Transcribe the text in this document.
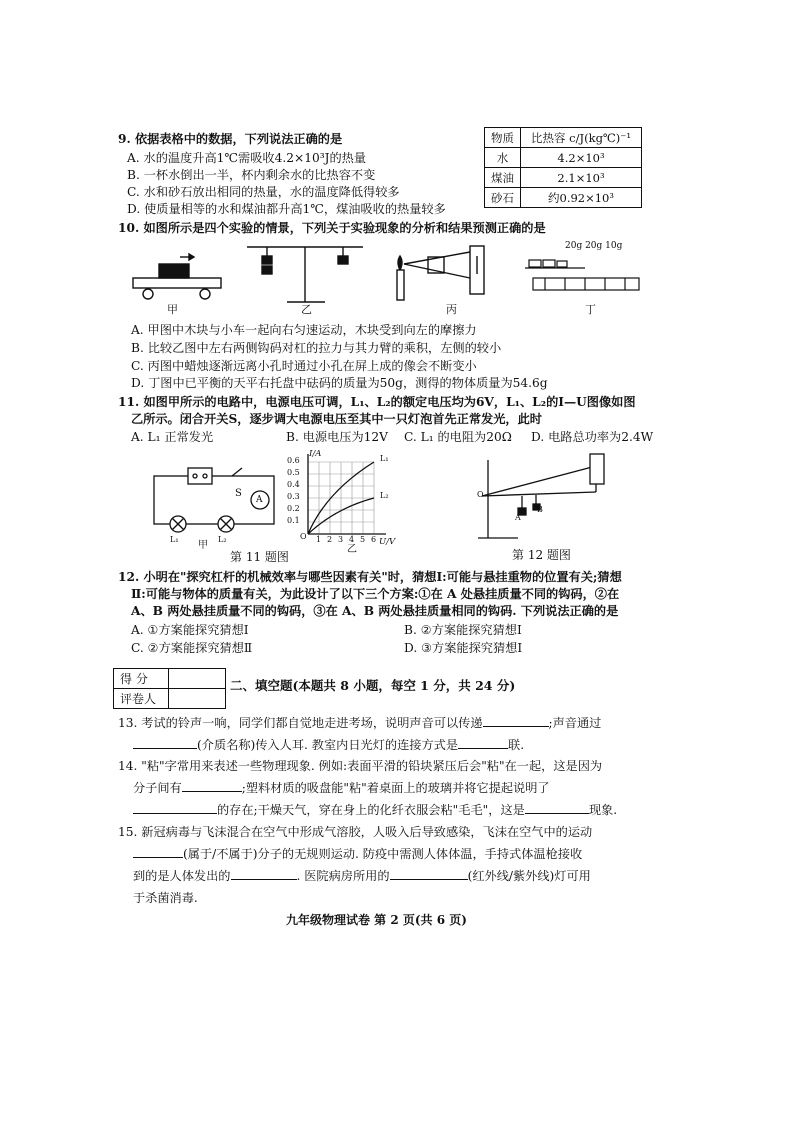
9. 依据表格中的数据，下列说法正确的是
A. 水的温度升高1℃需吸收4.2×10³J的热量
B. 一杯水倒出一半，杯内剩余水的比热容不变
C. 水和砂石放出相同的热量，水的温度降低得较多
D. 使质量相等的水和煤油都升高1℃，煤油吸收的热量较多
物质	比热容 c/J(kg℃)⁻¹
水	4.2×10³
煤油	2.1×10³
砂石	约0.92×10³
10. 如图所示是四个实验的情景，下列关于实验现象的分析和结果预测正确的是
20g 20g 10g
甲	乙	丙	丁
A. 甲图中木块与小车一起向右匀速运动，木块受到向左的摩擦力
B. 比较乙图中左右两侧钩码对杠的拉力与其力臂的乘积，左侧的较小
C. 丙图中蜡烛逐渐远离小孔时通过小孔在屏上成的像会不断变小
D. 丁图中已平衡的天平右托盘中砝码的质量为50g，测得的物体质量为54.6g
11. 如图甲所示的电路中，电源电压可调，L₁、L₂的额定电压均为6V，L₁、L₂的I—U图像如图
乙所示。闭合开关S，逐步调大电源电压至其中一只灯泡首先正常发光，此时
A. L₁ 正常发光	B. 电源电压为12V C. L₁ 的电阻为20Ω D. 电路总功率为2.4W
S
A
L₁	L₂
甲
I/A
U/V
0.6
0.5
0.4
0.3
0.2
0.1
O 1 2 3 4 5 6
L₁
L₂
乙
第 11 题图
O
A
B
第 12 题图
12. 小明在"探究杠杆的机械效率与哪些因素有关"时，猜想Ⅰ:可能与悬挂重物的位置有关;猜想
Ⅱ:可能与物体的质量有关，为此设计了以下三个方案:①在 A 处悬挂质量不同的钩码，②在
A、B 两处悬挂质量不同的钩码，③在 A、B 两处悬挂质量相同的钩码. 下列说法正确的是
A. ①方案能探究猜想Ⅰ	B. ②方案能探究猜想Ⅰ
C. ②方案能探究猜想Ⅱ	D. ③方案能探究猜想Ⅰ
得 分	
评卷人	
二、填空题(本题共 8 小题，每空 1 分，共 24 分)
13. 考试的铃声一响，同学们都自觉地走进考场，说明声音可以传递	;声音通过
(介质名称)传入人耳. 教室内日光灯的连接方式是	联.
14. "粘"字常用来表述一些物理现象. 例如:表面平滑的铅块紧压后会"粘"在一起，这是因为
分子间有	;塑料材质的吸盘能"粘"着桌面上的玻璃并将它提起说明了
的存在;干燥天气，穿在身上的化纤衣服会粘"毛毛"，这是	现象.
15. 新冠病毒与飞沫混合在空气中形成气溶胶，人吸入后导致感染，飞沫在空气中的运动
(属于/不属于)分子的无规则运动. 防疫中需测人体体温，手持式体温枪接收
到的是人体发出的	. 医院病房所用的	(红外线/紫外线)灯可用
于杀菌消毒.
九年级物理试卷 第 2 页(共 6 页)
